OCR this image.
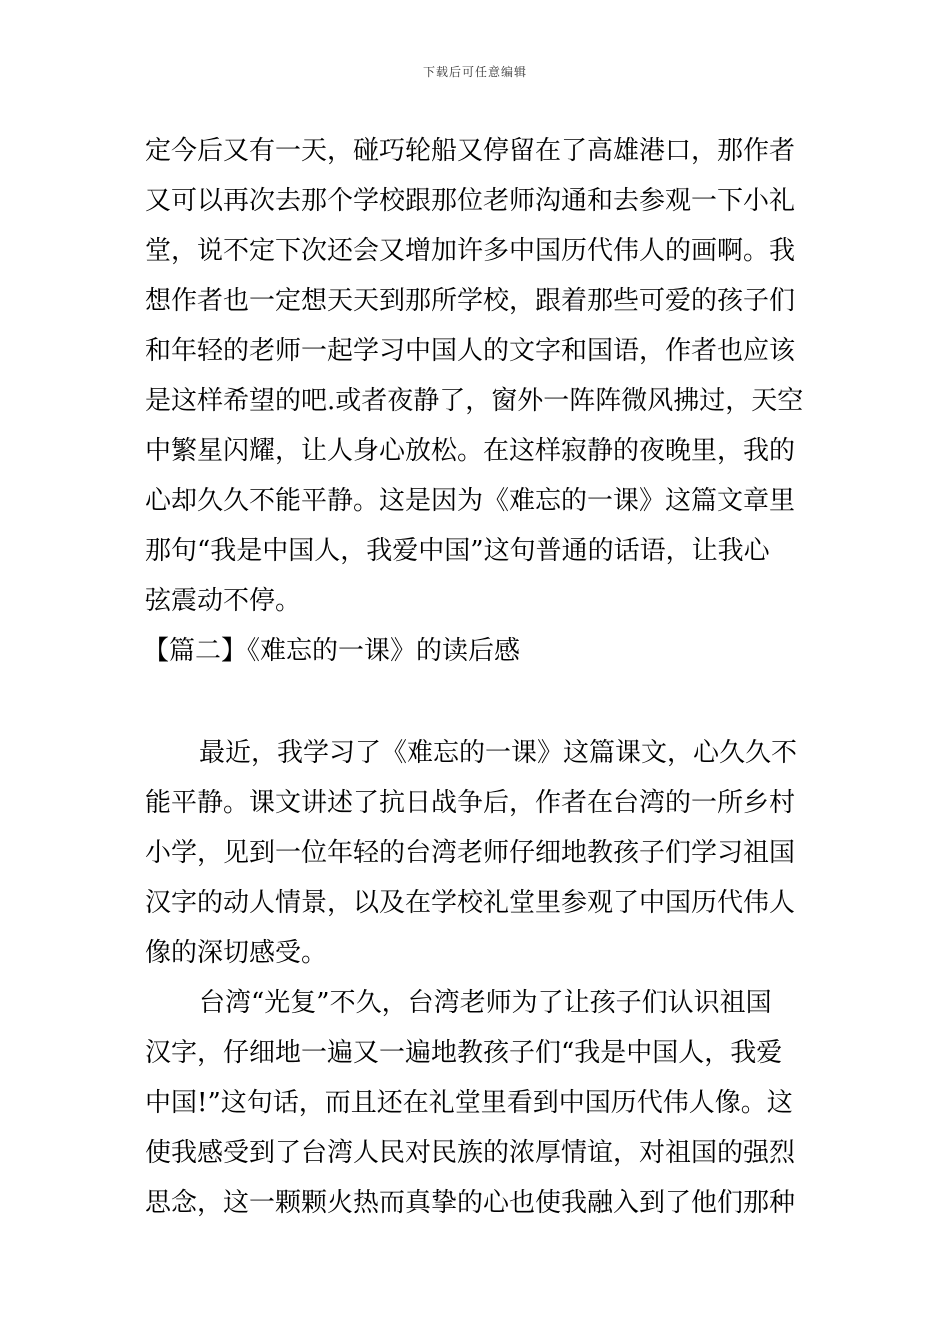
下载后可任意编辑
定今后又有一天，碰巧轮船又停留在了高雄港口，那作者
又可以再次去那个学校跟那位老师沟通和去参观一下小礼
堂，说不定下次还会又增加许多中国历代伟人的画啊。我
想作者也一定想天天到那所学校，跟着那些可爱的孩子们
和年轻的老师一起学习中国人的文字和国语，作者也应该
是这样希望的吧.或者夜静了，窗外一阵阵微风拂过，天空
中繁星闪耀，让人身心放松。在这样寂静的夜晚里，我的
心却久久不能平静。这是因为《难忘的一课》这篇文章里
那句“我是中国人，我爱中国”这句普通的话语，让我心
弦震动不停。
【篇二】《难忘的一课》的读后感
最近，我学习了《难忘的一课》这篇课文，心久久不
能平静。课文讲述了抗日战争后，作者在台湾的一所乡村
小学，见到一位年轻的台湾老师仔细地教孩子们学习祖国
汉字的动人情景，以及在学校礼堂里参观了中国历代伟人
像的深切感受。
台湾“光复”不久，台湾老师为了让孩子们认识祖国
汉字，仔细地一遍又一遍地教孩子们“我是中国人，我爱
中国!”这句话，而且还在礼堂里看到中国历代伟人像。这
使我感受到了台湾人民对民族的浓厚情谊，对祖国的强烈
思念，这一颗颗火热而真挚的心也使我融入到了他们那种
